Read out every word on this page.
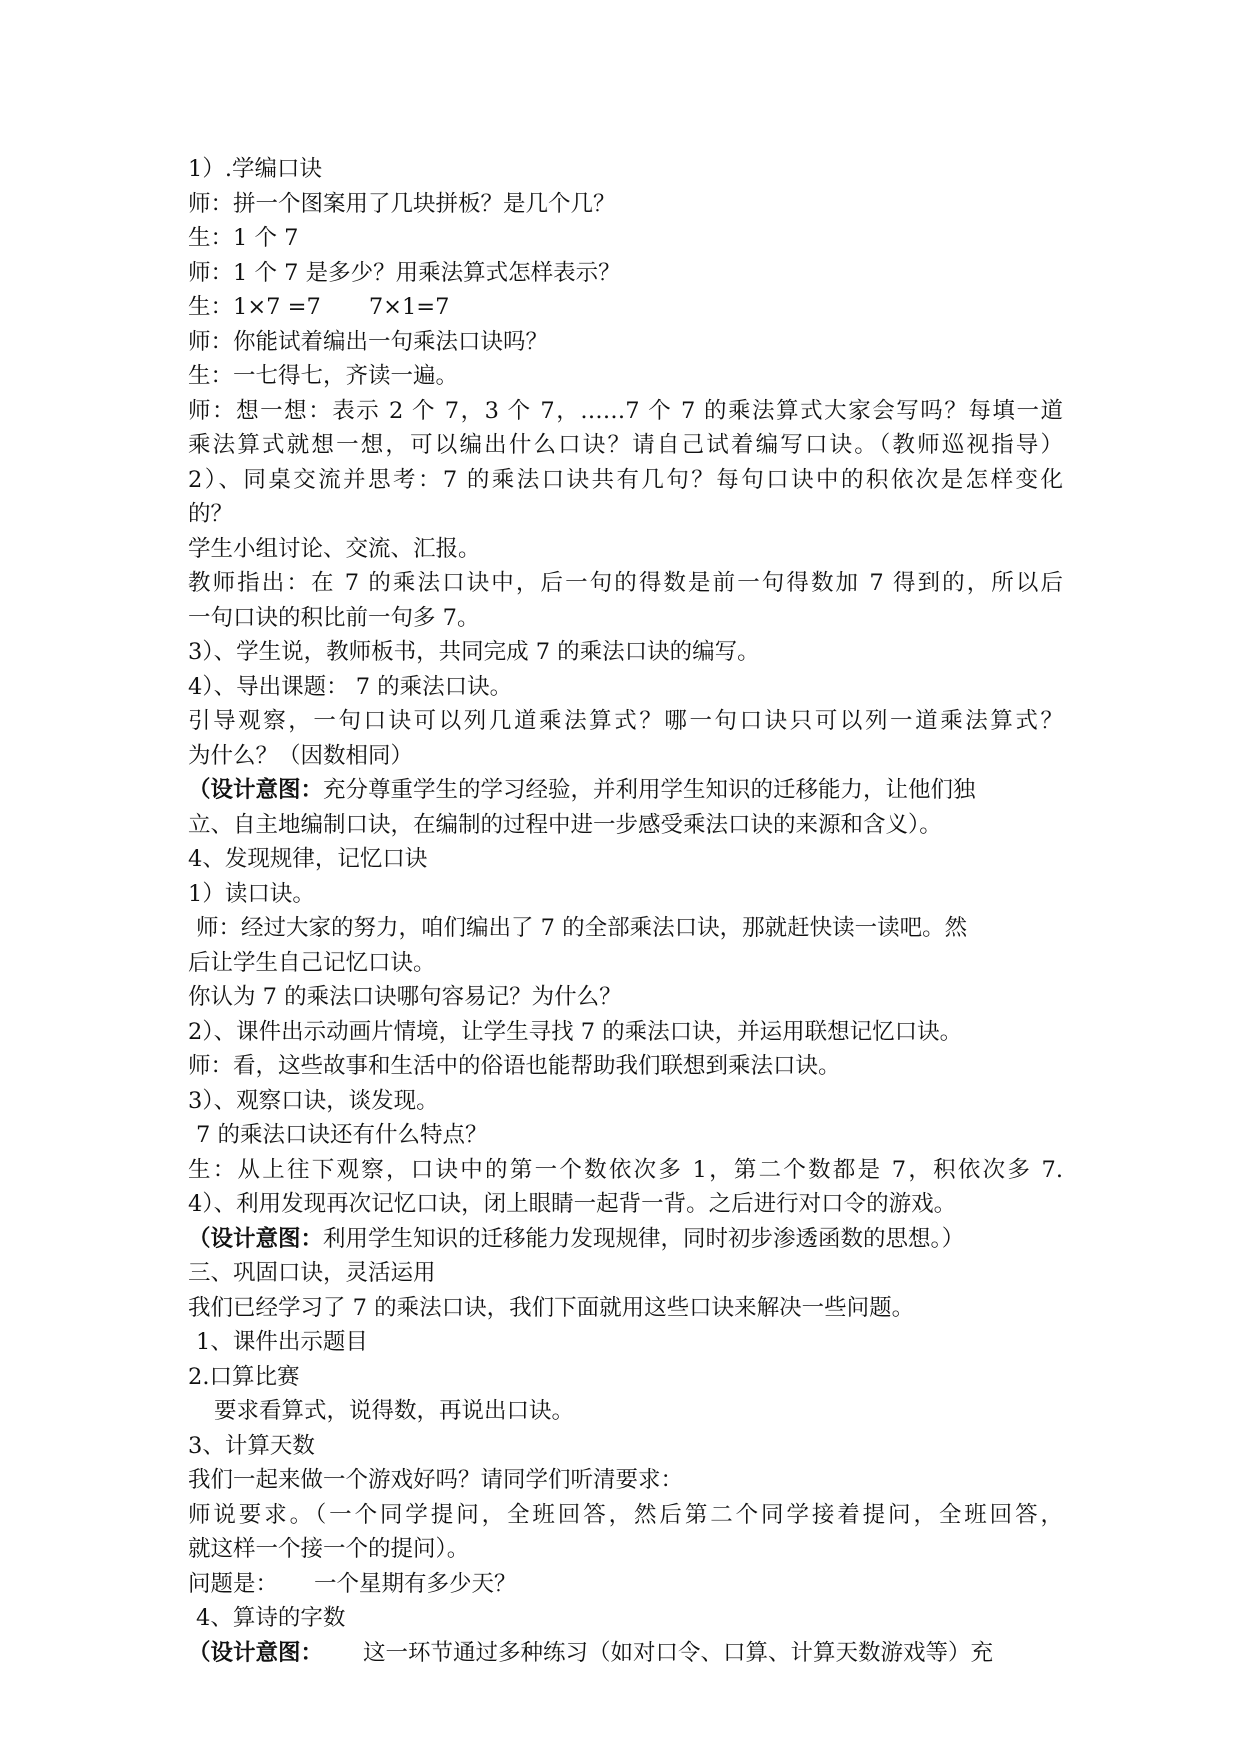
1）.学编口诀
师：拼一个图案用了几块拼板？是几个几？
生：1 个 7
师：1 个 7 是多少？用乘法算式怎样表示？
生：1×7 =7 7×1=7
师：你能试着编出一句乘法口诀吗？
生：一七得七，齐读一遍。
师：想一想：表示 2 个 7，3 个 7，……7 个 7 的乘法算式大家会写吗？每填一道
乘法算式就想一想，可以编出什么口诀？请自己试着编写口诀。（教师巡视指导）
2）、同桌交流并思考：7 的乘法口诀共有几句？每句口诀中的积依次是怎样变化
的？
学生小组讨论、交流、汇报。
教师指出：在 7 的乘法口诀中，后一句的得数是前一句得数加 7 得到的，所以后
一句口诀的积比前一句多 7。
3）、学生说，教师板书，共同完成 7 的乘法口诀的编写。
4）、导出课题： 7 的乘法口诀。
引导观察，一句口诀可以列几道乘法算式？哪一句口诀只可以列一道乘法算式？
为什么？（因数相同）
（设计意图：充分尊重学生的学习经验，并利用学生知识的迁移能力，让他们独
立、自主地编制口诀，在编制的过程中进一步感受乘法口诀的来源和含义）。
4、发现规律，记忆口诀
1）读口诀。
师：经过大家的努力，咱们编出了 7 的全部乘法口诀，那就赶快读一读吧。然
后让学生自己记忆口诀。
你认为 7 的乘法口诀哪句容易记？为什么？
2）、课件出示动画片情境，让学生寻找 7 的乘法口诀，并运用联想记忆口诀。
师：看，这些故事和生活中的俗语也能帮助我们联想到乘法口诀。
3）、观察口诀，谈发现。
7 的乘法口诀还有什么特点？
生：从上往下观察，口诀中的第一个数依次多 1，第二个数都是 7，积依次多 7.
4）、利用发现再次记忆口诀，闭上眼睛一起背一背。之后进行对口令的游戏。
（设计意图：利用学生知识的迁移能力发现规律，同时初步渗透函数的思想。）
三、巩固口诀，灵活运用
我们已经学习了 7 的乘法口诀，我们下面就用这些口诀来解决一些问题。
1、课件出示题目
2.口算比赛
要求看算式，说得数，再说出口诀。
3、计算天数
我们一起来做一个游戏好吗？请同学们听清要求：
师说要求。（一个同学提问，全班回答，然后第二个同学接着提问，全班回答，
就这样一个接一个的提问）。
问题是： 一个星期有多少天？
4、算诗的字数
（设计意图： 这一环节通过多种练习（如对口令、口算、计算天数游戏等）充
